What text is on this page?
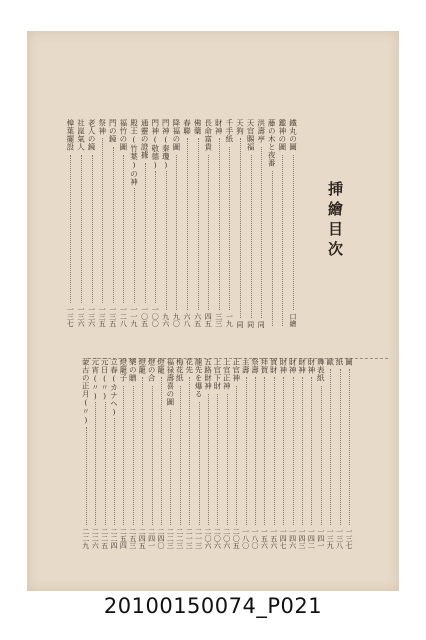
挿繪目次
鐵丸の圖
口繪
鑑神の圖
藤の木と夜番
洪壽亭
同
天官賜福
同
天狗
同
千手紙
一九
財神
三三
長命富貴
四五
佛藥
六五
春聯
六八
降福の圖
九〇
門神(秦瓊)
九六
門神(敬德)
一〇〇
通靈の證據
一〇五
殿王(竹葉)の神
一一九
福竹の圖
一二八
門の鏡
一三五
祭神
一三五
老人の鏡
一三六
社崑氣人
一三六
樟葉擺設
一三七
圖
一三七
紙
一三八
歐
一三九
舞表紙
一四一
財神
一四二
財神
一四三
財神
一四六
財神
一四七
賀財
一五六
拜賀
一五六
祭壽
一八〇
主壽
一八〇
正官神
二〇五
上官正神
二〇六
上官下財
二〇六
五路財神
二〇六
龍先を爆る
二一三
花先
二一三
梅花紙
二二三
福禄壽喜の圖
二二三
燈籠
二四〇
燈の合
二四一
燈籠
二四五
樂の贈
二五三
燈籠子
二五四
立春(カナヘ)
二二四
元日(〃)
二二五
元宵(〃)
二二六
蒙古の正月(〃)
二二九
20100150074_P021
